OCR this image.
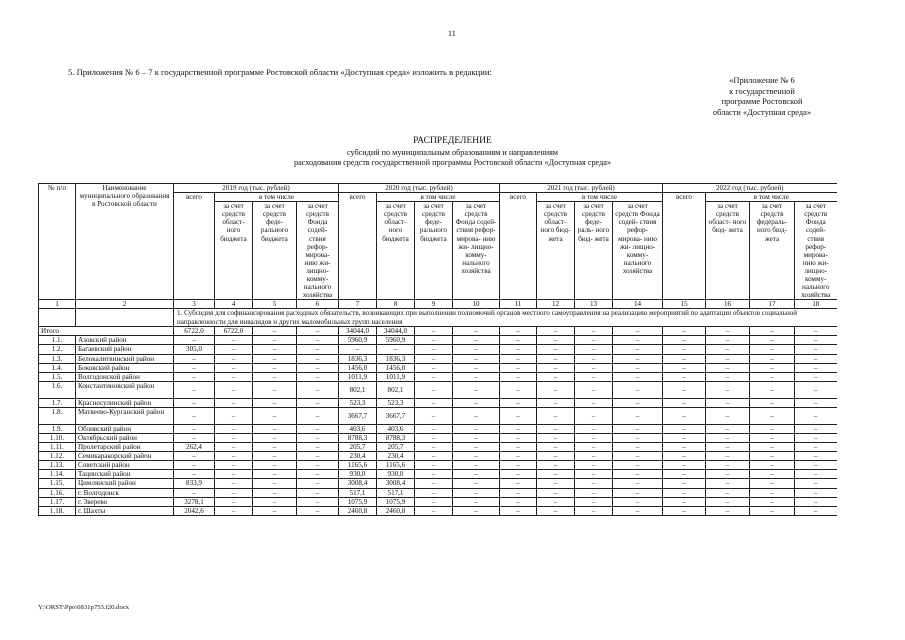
11
5. Приложения № 6 – 7 к государственной программе Ростовской области «Доступная среда» изложить в редакции:
«Приложение № 6
к государственной
программе Ростовской
области «Доступная среда»
РАСПРЕДЕЛЕНИЕ
субсидий по муниципальным образованиям и направлениям
расходования средств государственной программы Ростовской области «Доступная среда»
№ п/п	Наименование муниципального образования в Ростовской области	2019 год (тыс. рублей)				2020 год (тыс. рублей)				2021 год (тыс. рублей)				2022 год (тыс. рублей)			
		всего	в том числе			всего	в том числе			всего	в том числе			всего	в том числе		
			за счет средств област- ного бюджета	за счет средств феде- рального бюджета	за счет средств Фонда содей- ствия рефор- мирова- нию жи- лищно- комму- нального хозяйства		за счет средств област- ного бюджета	за счет средств феде- рального бюджета	за счет средств Фонда содей- ствия рефор- мирова- нию жи- лищно- комму- нального хозяйства		за счет средств област- ного бюд- жета	за счет средств феде- раль- ного бюд- жета	за счет средств Фонда содей- ствия рефор- мирова- нию жи- лищно- комму- нального хозяйства		за счет средств област- ного бюд- жета	за счет средств федераль- ного бюд- жета	за счет средств Фонда содей- ствия рефор- мирова- нию жи- лищно- комму- нального хозяйства
1	2	3	4	5	6	7	8	9	10	11	12	13	14	15	16	17	18
		1. Субсидия для софинансирования расходных обязательств, возникающих при выполнении полномочий органов местного самоуправления на реализацию мероприятий по адаптации объектов социальной направленности для инвалидов и других маломобильных групп населения															
Итого		6722,0	6722,0	–	–	34044,0	34044,0	–	–	–	–	–	–	–	–	–	–
1.1.	Азовский район	–	–	–	–	5960,9	5960,9	–	–	–	–	–	–	–	–	–	–
1.2.	Багаевский район	305,0	–	–	–	–	–	–	–	–	–	–	–	–	–	–	–
1.3.	Белокалитвинский район	–	–	–	–	1836,3	1836,3	–	–	–	–	–	–	–	–	–	–
1.4.	Боковский район	–	–	–	–	1456,0	1456,0	–	–	–	–	–	–	–	–	–	–
1.5.	Волгодонской район	–	–	–	–	1011,9	1011,9	–	–	–	–	–	–	–	–	–	–
1.6.	Константиновский район	–	–	–	–	802,1	802,1	–	–	–	–	–	–	–	–	–	–
1.7.	Красносулинский район	–	–	–	–	523,3	523,3	–	–	–	–	–	–	–	–	–	–
1.8.	Матвеево-Курганский район	–	–	–	–	3667,7	3667,7	–	–	–	–	–	–	–	–	–	–
1.9.	Обливский район	–	–	–	–	403,6	403,6	–	–	–	–	–	–	–	–	–	–
1.10.	Октябрьский район	–	–	–	–	8788,3	8788,3	–	–	–	–	–	–	–	–	–	–
1.11.	Пролетарский район	262,4	–	–	–	205,7	205,7	–	–	–	–	–	–	–	–	–	–
1.12.	Семикаракорский район	–	–	–	–	230,4	230,4	–	–	–	–	–	–	–	–	–	–
1.13.	Советский район	–	–	–	–	1165,6	1165,6	–	–	–	–	–	–	–	–	–	–
1.14.	Тацинский район	–	–	–	–	930,0	930,0	–	–	–	–	–	–	–	–	–	–
1.15.	Цимлянский район	833,9	–	–	–	3008,4	3008,4	–	–	–	–	–	–	–	–	–	–
1.16.	г. Волгодонск	–	–	–	–	517,1	517,1	–	–	–	–	–	–	–	–	–	–
1.17.	г. Зверево	3278,1	–	–	–	1075,9	1075,9	–	–	–	–	–	–	–	–	–	–
1.18.	г. Шахты	2042,6	–	–	–	2460,8	2460,8	–	–	–	–	–	–	–	–	–	–
Y:\ORST\Ppo\0831p753.f20.docx
